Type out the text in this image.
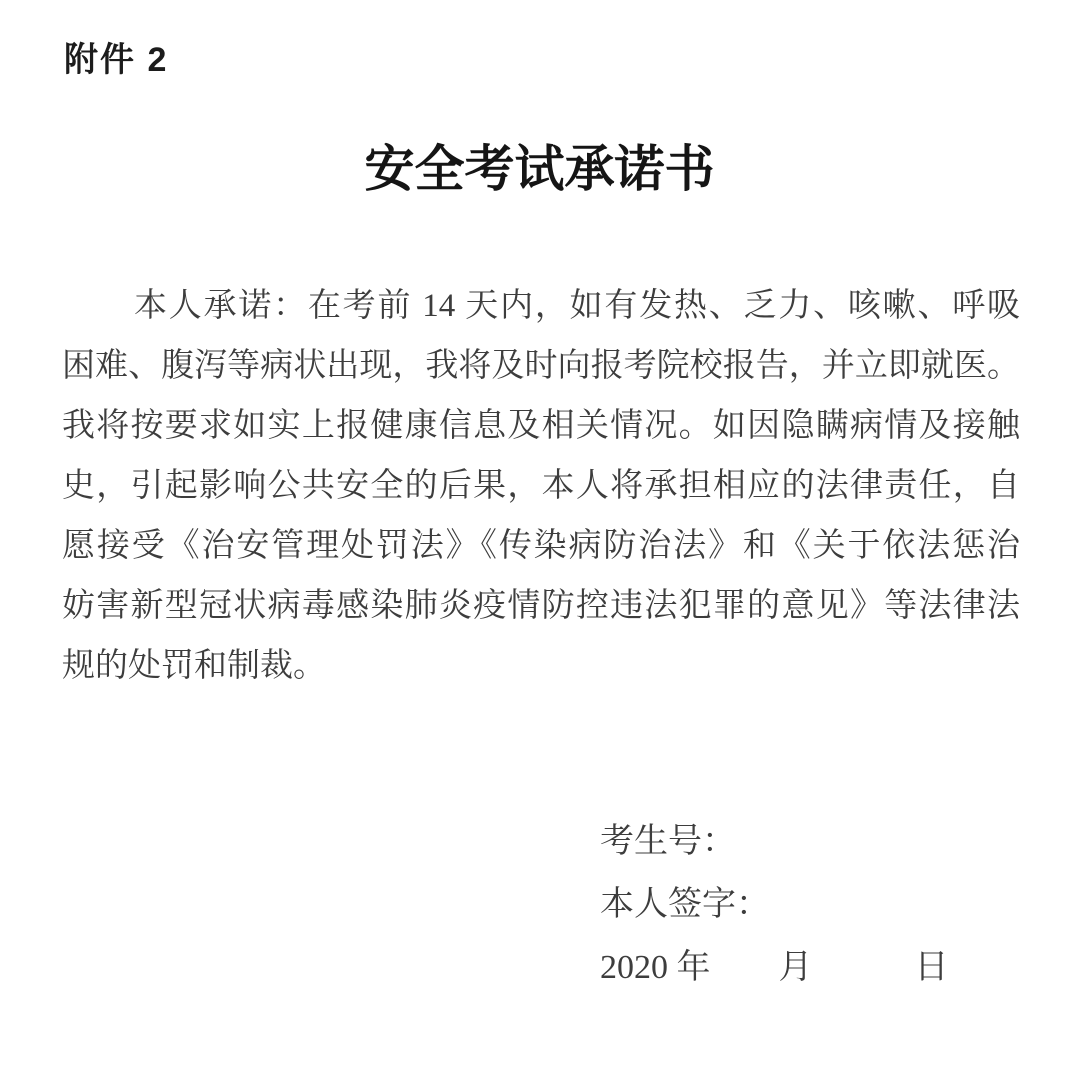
附件 2
安全考试承诺书
本人承诺：在考前 14 天内，如有发热、乏力、咳嗽、呼吸
困难、腹泻等病状出现，我将及时向报考院校报告，并立即就医。
我将按要求如实上报健康信息及相关情况。如因隐瞒病情及接触
史，引起影响公共安全的后果，本人将承担相应的法律责任，自
愿接受《治安管理处罚法》《传染病防治法》和《关于依法惩治
妨害新型冠状病毒感染肺炎疫情防控违法犯罪的意见》等法律法
规的处罚和制裁。
考生号：
本人签字：
2020 年　　月　　　日
